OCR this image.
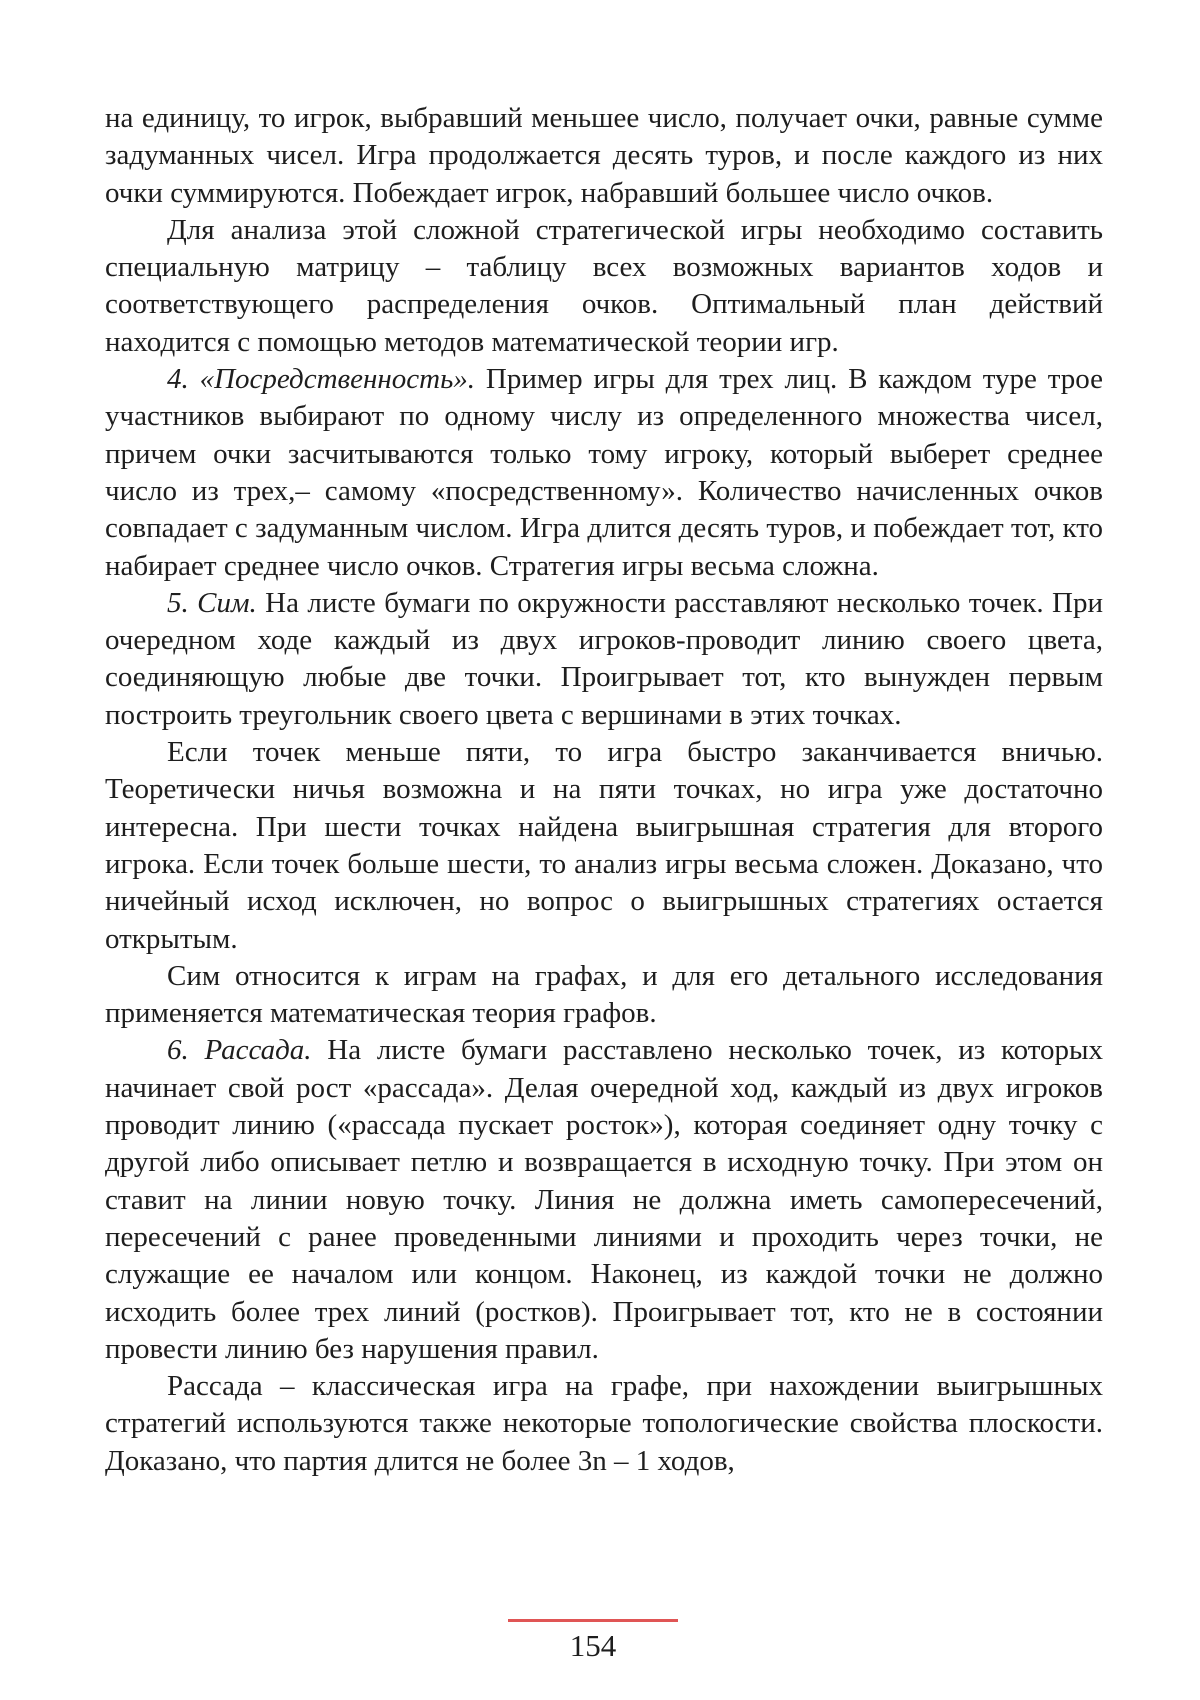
на единицу, то игрок, выбравший меньшее число, получает очки, равные сумме задуманных чисел. Игра продолжается десять туров, и после каждого из них очки суммируются. Побеждает игрок, набравший большее число очков.

Для анализа этой сложной стратегической игры необходимо составить специальную матрицу – таблицу всех возможных вариантов ходов и соответствующего распределения очков. Оптимальный план действий находится с помощью методов математической теории игр.

4. «Посредственность». Пример игры для трех лиц. В каждом туре трое участников выбирают по одному числу из определенного множества чисел, причем очки засчитываются только тому игроку, который выберет среднее число из трех,– самому «посредственному». Количество начисленных очков совпадает с задуманным числом. Игра длится десять туров, и побеждает тот, кто набирает среднее число очков. Стратегия игры весьма сложна.

5. Сим. На листе бумаги по окружности расставляют несколько точек. При очередном ходе каждый из двух игроков-проводит линию своего цвета, соединяющую любые две точки. Проигрывает тот, кто вынужден первым построить треугольник своего цвета с вершинами в этих точках.

Если точек меньше пяти, то игра быстро заканчивается вничью. Теоретически ничья возможна и на пяти точках, но игра уже достаточно интересна. При шести точках найдена выигрышная стратегия для второго игрока. Если точек больше шести, то анализ игры весьма сложен. Доказано, что ничейный исход исключен, но вопрос о выигрышных стратегиях остается открытым.

Сим относится к играм на графах, и для его детального исследования применяется математическая теория графов.

6. Рассада. На листе бумаги расставлено несколько точек, из которых начинает свой рост «рассада». Делая очередной ход, каждый из двух игроков проводит линию («рассада пускает росток»), которая соединяет одну точку с другой либо описывает петлю и возвращается в исходную точку. При этом он ставит на линии новую точку. Линия не должна иметь самопересечений, пересечений с ранее проведенными линиями и проходить через точки, не служащие ее началом или концом. Наконец, из каждой точки не должно исходить более трех линий (ростков). Проигрывает тот, кто не в состоянии провести линию без нарушения правил.

Рассада – классическая игра на графе, при нахождении выигрышных стратегий используются также некоторые топологические свойства плоскости. Доказано, что партия длится не более 3n – 1 ходов,

154
